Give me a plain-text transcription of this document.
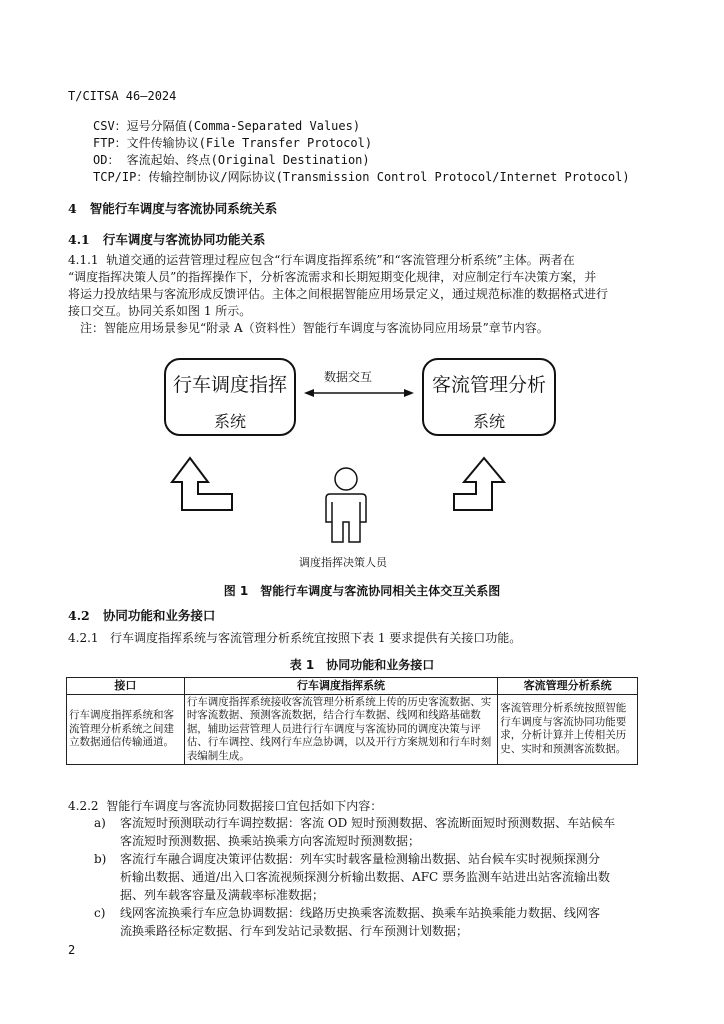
T/CITSA 46—2024
CSV：逗号分隔值(Comma-Separated Values)
FTP：文件传输协议(File Transfer Protocol)
OD： 客流起始、终点(Original Destination)
TCP/IP：传输控制协议/网际协议(Transmission Control Protocol/Internet Protocol)
4 智能行车调度与客流协同系统关系
4.1 行车调度与客流协同功能关系
4.1.1 轨道交通的运营管理过程应包含“行车调度指挥系统”和“客流管理分析系统”主体。两者在
“调度指挥决策人员”的指挥操作下，分析客流需求和长期短期变化规律，对应制定行车决策方案，并
将运力投放结果与客流形成反馈评估。主体之间根据智能应用场景定义，通过规范标准的数据格式进行
接口交互。协同关系如图 1 所示。
注：智能应用场景参见“附录 A（资料性）智能行车调度与客流协同应用场景”章节内容。
行车调度指挥
系统
客流管理分析
系统
数据交互
调度指挥决策人员
图 1　智能行车调度与客流协同相关主体交互关系图
4.2 协同功能和业务接口
4.2.1 行车调度指挥系统与客流管理分析系统宜按照下表 1 要求提供有关接口功能。
表 1　协同功能和业务接口
接口	行车调度指挥系统	客流管理分析系统
行车调度指挥系统和客流管理分析系统之间建立数据通信传输通道。	行车调度指挥系统接收客流管理分析系统上传的历史客流数据、实时客流数据、预测客流数据，结合行车数据、线网和线路基础数据，辅助运营管理人员进行行车调度与客流协同的调度决策与评估、行车调控、线网行车应急协调，以及开行方案规划和行车时刻表编制生成。	客流管理分析系统按照智能行车调度与客流协同功能要求，分析计算并上传相关历史、实时和预测客流数据。
4.2.2 智能行车调度与客流协同数据接口宜包括如下内容：
a) 客流短时预测联动行车调控数据：客流 OD 短时预测数据、客流断面短时预测数据、车站候车
客流短时预测数据、换乘站换乘方向客流短时预测数据；
b) 客流行车融合调度决策评估数据：列车实时载客量检测输出数据、站台候车实时视频探测分
析输出数据、通道/出入口客流视频探测分析输出数据、AFC 票务监测车站进出站客流输出数
据、列车载客容量及满载率标准数据；
c) 线网客流换乘行车应急协调数据：线路历史换乘客流数据、换乘车站换乘能力数据、线网客
流换乘路径标定数据、行车到发站记录数据、行车预测计划数据；
2
